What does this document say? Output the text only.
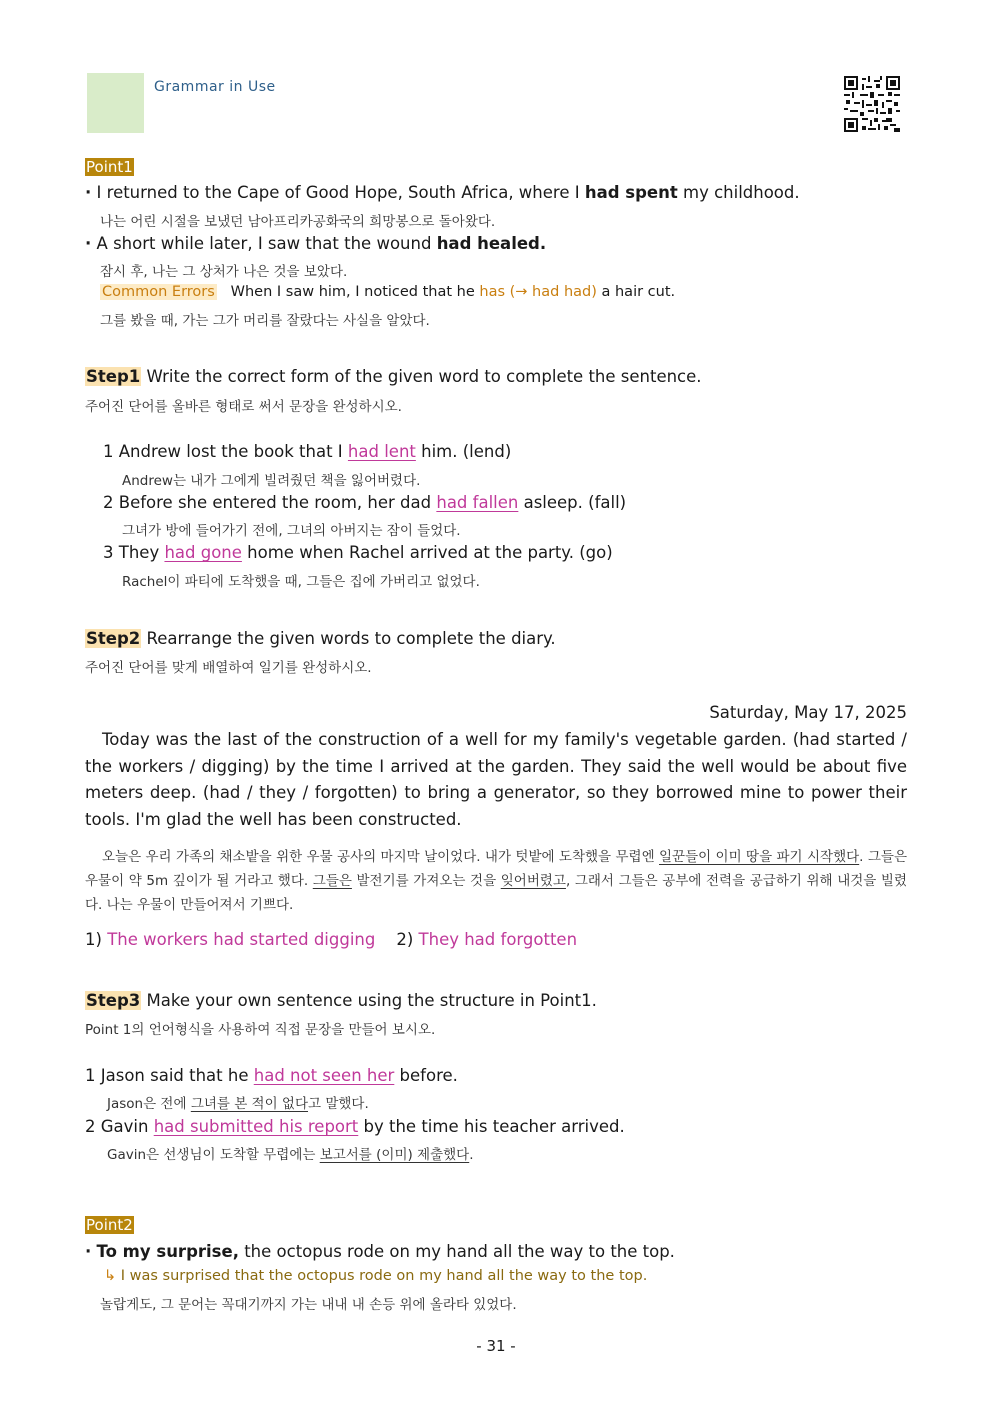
Grammar in Use
Point1
· I returned to the Cape of Good Hope, South Africa, where I had spent my childhood.
나는 어린 시절을 보냈던 남아프리카공화국의 희망봉으로 돌아왔다.
· A short while later, I saw that the wound had healed.
잠시 후, 나는 그 상처가 나은 것을 보았다.
Common Errors When I saw him, I noticed that he has (→ had had) a hair cut.
그를 봤을 때, 가는 그가 머리를 잘랐다는 사실을 알았다.
Step1 Write the correct form of the given word to complete the sentence.
주어진 단어를 올바른 형태로 써서 문장을 완성하시오.
1 Andrew lost the book that I had lent him. (lend)
Andrew는 내가 그에게 빌려줬던 책을 잃어버렸다.
2 Before she entered the room, her dad had fallen asleep. (fall)
그녀가 방에 들어가기 전에, 그녀의 아버지는 잠이 들었다.
3 They had gone home when Rachel arrived at the party. (go)
Rachel이 파티에 도착했을 때, 그들은 집에 가버리고 없었다.
Step2 Rearrange the given words to complete the diary.
주어진 단어를 맞게 배열하여 일기를 완성하시오.
Saturday, May 17, 2025
Today was the last of the construction of a well for my family's vegetable garden. (had started / the workers / digging) by the time I arrived at the garden. They said the well would be about five meters deep. (had / they / forgotten) to bring a generator, so they borrowed mine to power their tools. I'm glad the well has been constructed.
오늘은 우리 가족의 채소밭을 위한 우물 공사의 마지막 날이었다. 내가 텃밭에 도착했을 무렵엔 일꾼들이 이미 땅을 파기 시작했다. 그들은 우물이 약 5m 깊이가 될 거라고 했다. 그들은 발전기를 가져오는 것을 잊어버렸고, 그래서 그들은 공부에 전력을 공급하기 위해 내것을 빌렸다. 나는 우물이 만들어져서 기쁘다.
1) The workers had started digging 2) They had forgotten
Step3 Make your own sentence using the structure in Point1.
Point 1의 언어형식을 사용하여 직접 문장을 만들어 보시오.
1 Jason said that he had not seen her before.
Jason은 전에 그녀를 본 적이 없다고 말했다.
2 Gavin had submitted his report by the time his teacher arrived.
Gavin은 선생님이 도착할 무렵에는 보고서를 (이미) 제출했다.
Point2
· To my surprise, the octopus rode on my hand all the way to the top.
↳ I was surprised that the octopus rode on my hand all the way to the top.
놀랍게도, 그 문어는 꼭대기까지 가는 내내 내 손등 위에 올라타 있었다.
- 31 -
